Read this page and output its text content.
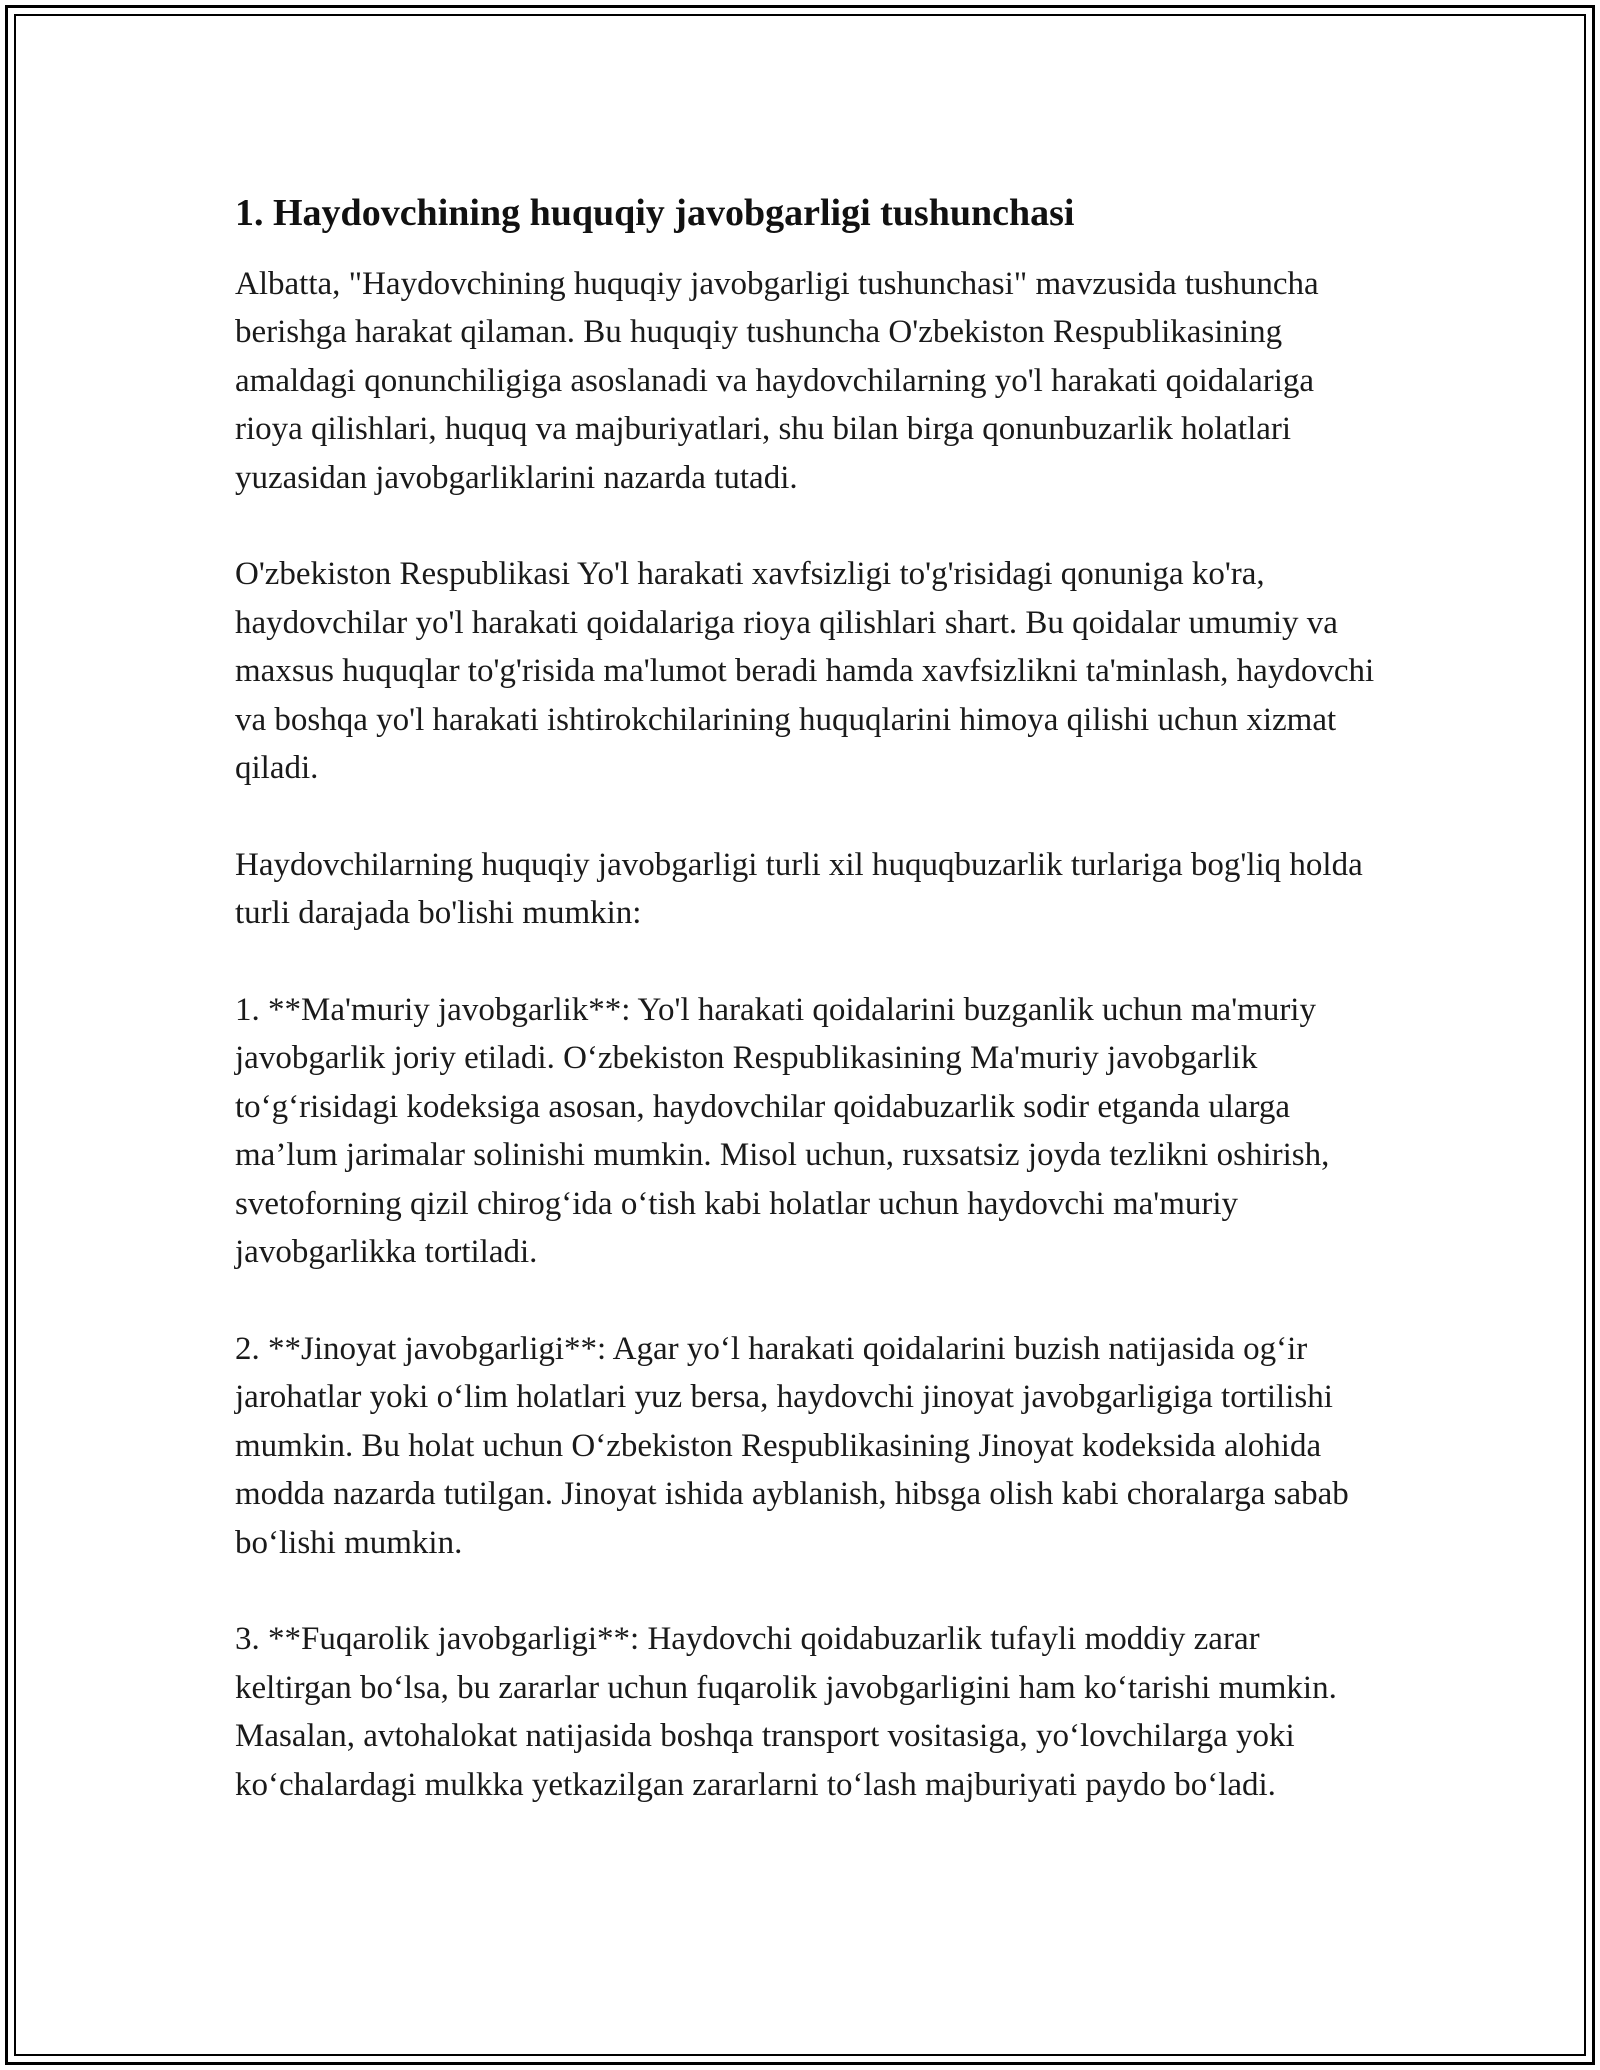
1. Haydovchining huquqiy javobgarligi tushunchasi

Albatta, "Haydovchining huquqiy javobgarligi tushunchasi" mavzusida tushuncha berishga harakat qilaman. Bu huquqiy tushuncha O'zbekiston Respublikasining amaldagi qonunchiligiga asoslanadi va haydovchilarning yo'l harakati qoidalariga rioya qilishlari, huquq va majburiyatlari, shu bilan birga qonunbuzarlik holatlari yuzasidan javobgarliklarini nazarda tutadi.

O'zbekiston Respublikasi Yo'l harakati xavfsizligi to'g'risidagi qonuniga ko'ra, haydovchilar yo'l harakati qoidalariga rioya qilishlari shart. Bu qoidalar umumiy va maxsus huquqlar to'g'risida ma'lumot beradi hamda xavfsizlikni ta'minlash, haydovchi va boshqa yo'l harakati ishtirokchilarining huquqlarini himoya qilishi uchun xizmat qiladi.

Haydovchilarning huquqiy javobgarligi turli xil huquqbuzarlik turlariga bog'liq holda turli darajada bo'lishi mumkin:

1. **Ma'muriy javobgarlik**: Yo'l harakati qoidalarini buzganlik uchun ma'muriy javobgarlik joriy etiladi. O‘zbekiston Respublikasining Ma'muriy javobgarlik to‘g‘risidagi kodeksiga asosan, haydovchilar qoidabuzarlik sodir etganda ularga ma’lum jarimalar solinishi mumkin. Misol uchun, ruxsatsiz joyda tezlikni oshirish, svetoforning qizil chirog‘ida o‘tish kabi holatlar uchun haydovchi ma'muriy javobgarlikka tortiladi.

2. **Jinoyat javobgarligi**: Agar yo‘l harakati qoidalarini buzish natijasida og‘ir jarohatlar yoki o‘lim holatlari yuz bersa, haydovchi jinoyat javobgarligiga tortilishi mumkin. Bu holat uchun O‘zbekiston Respublikasining Jinoyat kodeksida alohida modda nazarda tutilgan. Jinoyat ishida ayblanish, hibsga olish kabi choralarga sabab bo‘lishi mumkin.

3. **Fuqarolik javobgarligi**: Haydovchi qoidabuzarlik tufayli moddiy zarar keltirgan bo‘lsa, bu zararlar uchun fuqarolik javobgarligini ham ko‘tarishi mumkin. Masalan, avtohalokat natijasida boshqa transport vositasiga, yo‘lovchilarga yoki ko‘chalardagi mulkka yetkazilgan zararlarni to‘lash majburiyati paydo bo‘ladi.
